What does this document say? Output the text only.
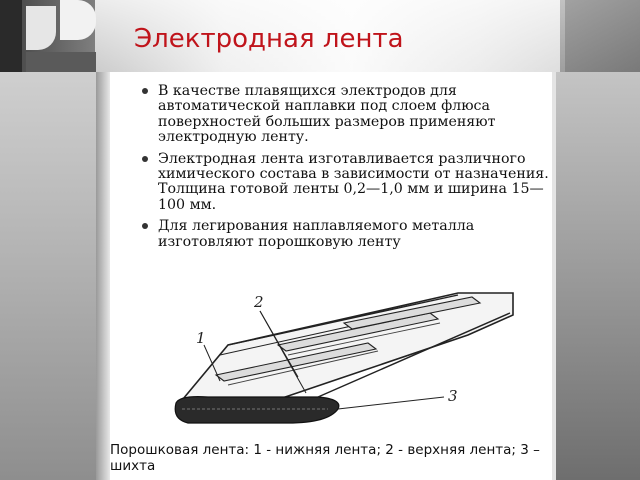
Электродная лента
В качестве плавящихся электродов для автоматической наплавки под слоем флюса поверхностей больших размеров применяют электродную ленту.
Электродная лента изготавливается различного химического состава в зависимости от назначения. Толщина готовой ленты 0,2—1,0 мм и ширина 15—100 мм.
Для легирования наплавляемого металла изготовляют порошковую ленту
1
2
3
Порошковая лента: 1 - нижняя лента; 2 - верхняя лента; 3 – шихта
